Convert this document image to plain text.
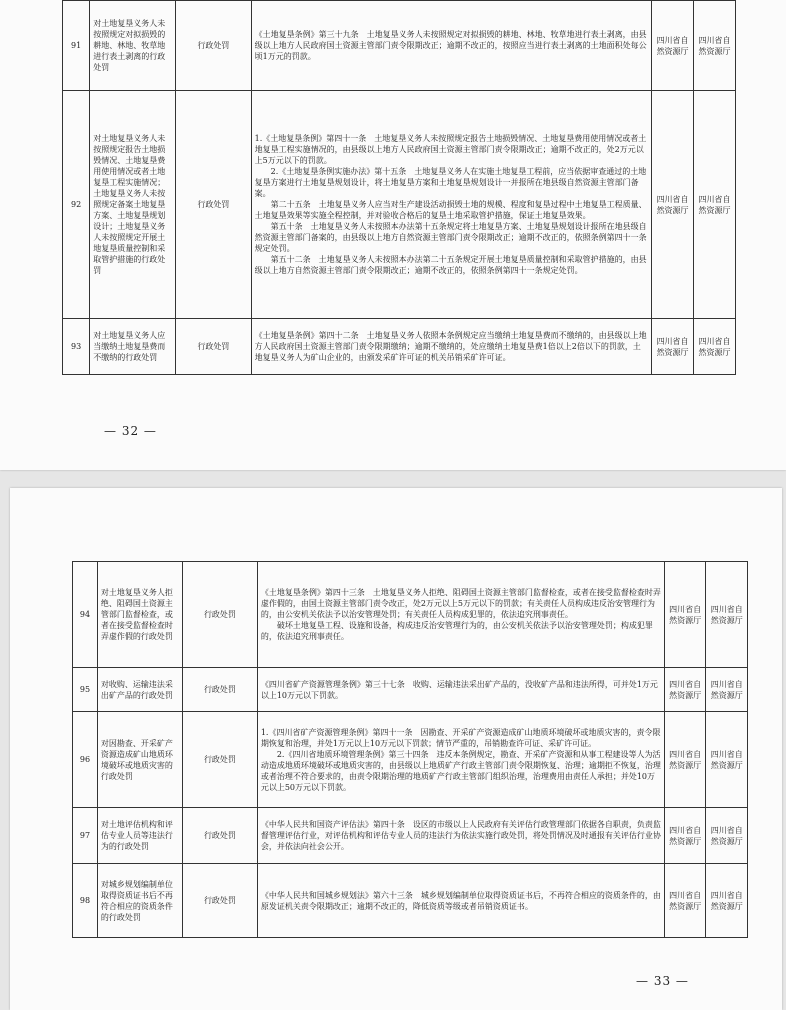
91	对土地复垦义务人未按照规定对拟损毁的耕地、林地、牧草地进行表土剥离的行政处罚	行政处罚	《土地复垦条例》第三十九条　土地复垦义务人未按照规定对拟损毁的耕地、林地、牧草地进行表土剥离，由县级以上地方人民政府国土资源主管部门责令限期改正；逾期不改正的，按照应当进行表土剥离的土地面积处每公顷1万元的罚款。	四川省自然资源厅	四川省自然资源厅
92	对土地复垦义务人未按照规定报告土地损毁情况、土地复垦费用使用情况或者土地复垦工程实施情况；土地复垦义务人未按照规定备案土地复垦方案、土地复垦规划设计；土地复垦义务人未按照规定开展土地复垦质量控制和采取管护措施的行政处罚	行政处罚	1.《土地复垦条例》第四十一条　土地复垦义务人未按照规定报告土地损毁情况、土地复垦费用使用情况或者土地复垦工程实施情况的，由县级以上地方人民政府国土资源主管部门责令限期改正；逾期不改正的，处2万元以上5万元以下的罚款。
2.《土地复垦条例实施办法》第十五条　土地复垦义务人在实施土地复垦工程前，应当依据审查通过的土地复垦方案进行土地复垦规划设计，将土地复垦方案和土地复垦规划设计一并报所在地县级自然资源主管部门备案。
第二十五条　土地复垦义务人应当对生产建设活动损毁土地的规模、程度和复垦过程中土地复垦工程质量、土地复垦效果等实施全程控制，并对验收合格后的复垦土地采取管护措施，保证土地复垦效果。
第五十条　土地复垦义务人未按照本办法第十五条规定将土地复垦方案、土地复垦规划设计报所在地县级自然资源主管部门备案的，由县级以上地方自然资源主管部门责令限期改正；逾期不改正的，依照条例第四十一条规定处罚。
第五十二条　土地复垦义务人未按照本办法第二十五条规定开展土地复垦质量控制和采取管护措施的，由县级以上地方自然资源主管部门责令限期改正；逾期不改正的，依照条例第四十一条规定处罚。	四川省自然资源厅	四川省自然资源厅
93	对土地复垦义务人应当缴纳土地复垦费而不缴纳的行政处罚	行政处罚	《土地复垦条例》第四十二条　土地复垦义务人依照本条例规定应当缴纳土地复垦费而不缴纳的，由县级以上地方人民政府国土资源主管部门责令限期缴纳；逾期不缴纳的，处应缴纳土地复垦费1倍以上2倍以下的罚款，土地复垦义务人为矿山企业的，由颁发采矿许可证的机关吊销采矿许可证。	四川省自然资源厅	四川省自然资源厅
— 32 —
94	对土地复垦义务人拒绝、阻碍国土资源主管部门监督检查，或者在接受监督检查时弄虚作假的行政处罚	行政处罚	《土地复垦条例》第四十三条　土地复垦义务人拒绝、阻碍国土资源主管部门监督检查，或者在接受监督检查时弄虚作假的，由国土资源主管部门责令改正，处2万元以上5万元以下的罚款；有关责任人员构成违反治安管理行为的，由公安机关依法予以治安管理处罚；有关责任人员构成犯罪的，依法追究刑事责任。
破坏土地复垦工程、设施和设备，构成违反治安管理行为的，由公安机关依法予以治安管理处罚；构成犯罪的，依法追究刑事责任。	四川省自然资源厅	四川省自然资源厅
95	对收购、运输违法采出矿产品的行政处罚	行政处罚	《四川省矿产资源管理条例》第三十七条　收购、运输违法采出矿产品的，没收矿产品和违法所得，可并处1万元以上10万元以下罚款。	四川省自然资源厅	四川省自然资源厅
96	对因勘查、开采矿产资源造成矿山地质环境破坏或地质灾害的行政处罚	行政处罚	1.《四川省矿产资源管理条例》第四十一条　因勘查、开采矿产资源造成矿山地质环境破坏或地质灾害的，责令限期恢复和治理，并处1万元以上10万元以下罚款；情节严重的，吊销勘查许可证、采矿许可证。
2.《四川省地质环境管理条例》第三十四条　违反本条例规定，勘查、开采矿产资源和从事工程建设等人为活动造成地质环境破坏或地质灾害的，由县级以上地质矿产行政主管部门责令限期恢复、治理；逾期拒不恢复，治理或者治理不符合要求的，由责令限期治理的地质矿产行政主管部门组织治理，治理费用由责任人承担；并处10万元以上50万元以下罚款。	四川省自然资源厅	四川省自然资源厅
97	对土地评估机构和评估专业人员等违法行为的行政处罚	行政处罚	《中华人民共和国资产评估法》第四十条　设区的市级以上人民政府有关评估行政管理部门依据各自职责，负责监督管理评估行业，对评估机构和评估专业人员的违法行为依法实施行政处罚，将处罚情况及时通报有关评估行业协会，并依法向社会公开。	四川省自然资源厅	四川省自然资源厅
98	对城乡规划编制单位取得资质证书后不再符合相应的资质条件的行政处罚	行政处罚	《中华人民共和国城乡规划法》第六十三条　城乡规划编制单位取得资质证书后，不再符合相应的资质条件的，由原发证机关责令限期改正；逾期不改正的，降低资质等级或者吊销资质证书。	四川省自然资源厅	四川省自然资源厅
— 33 —
